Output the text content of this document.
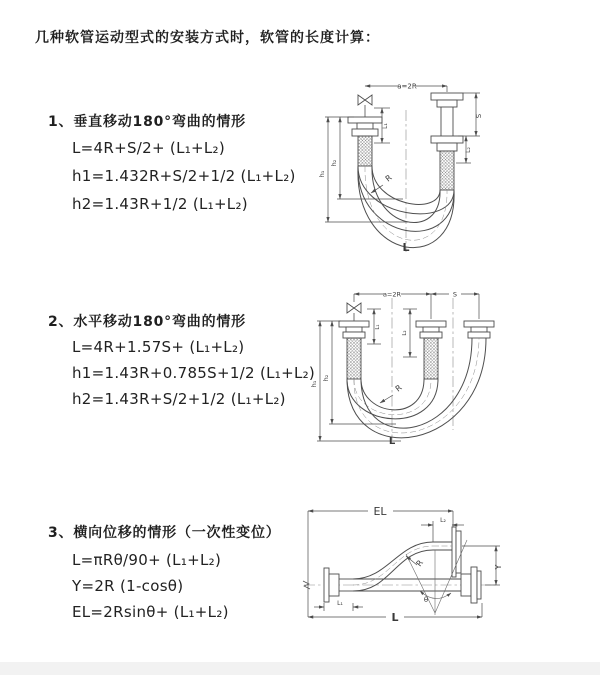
几种软管运动型式的安装方式时，软管的长度计算：
1、垂直移动180°弯曲的情形
L=4R+S/2+ (L₁+L₂)
h1=1.432R+S/2+1/2 (L₁+L₂)
h2=1.43R+1/2 (L₁+L₂)
a=2R
h₁
h₂
L₁
S
L₂
R
L
2、水平移动180°弯曲的情形
L=4R+1.57S+ (L₁+L₂)
h1=1.43R+0.785S+1/2 (L₁+L₂)
h2=1.43R+S/2+1/2 (L₁+L₂)
a=2R	S
h₁
h₂
L₁
L₂
R
L
3、横向位移的情形（一次性变位）
L=πRθ/90+ (L₁+L₂)
Y=2R (1-cosθ)
EL=2Rsinθ+ (L₁+L₂)
EL
L₂
L₁	θ
R	Y
L
